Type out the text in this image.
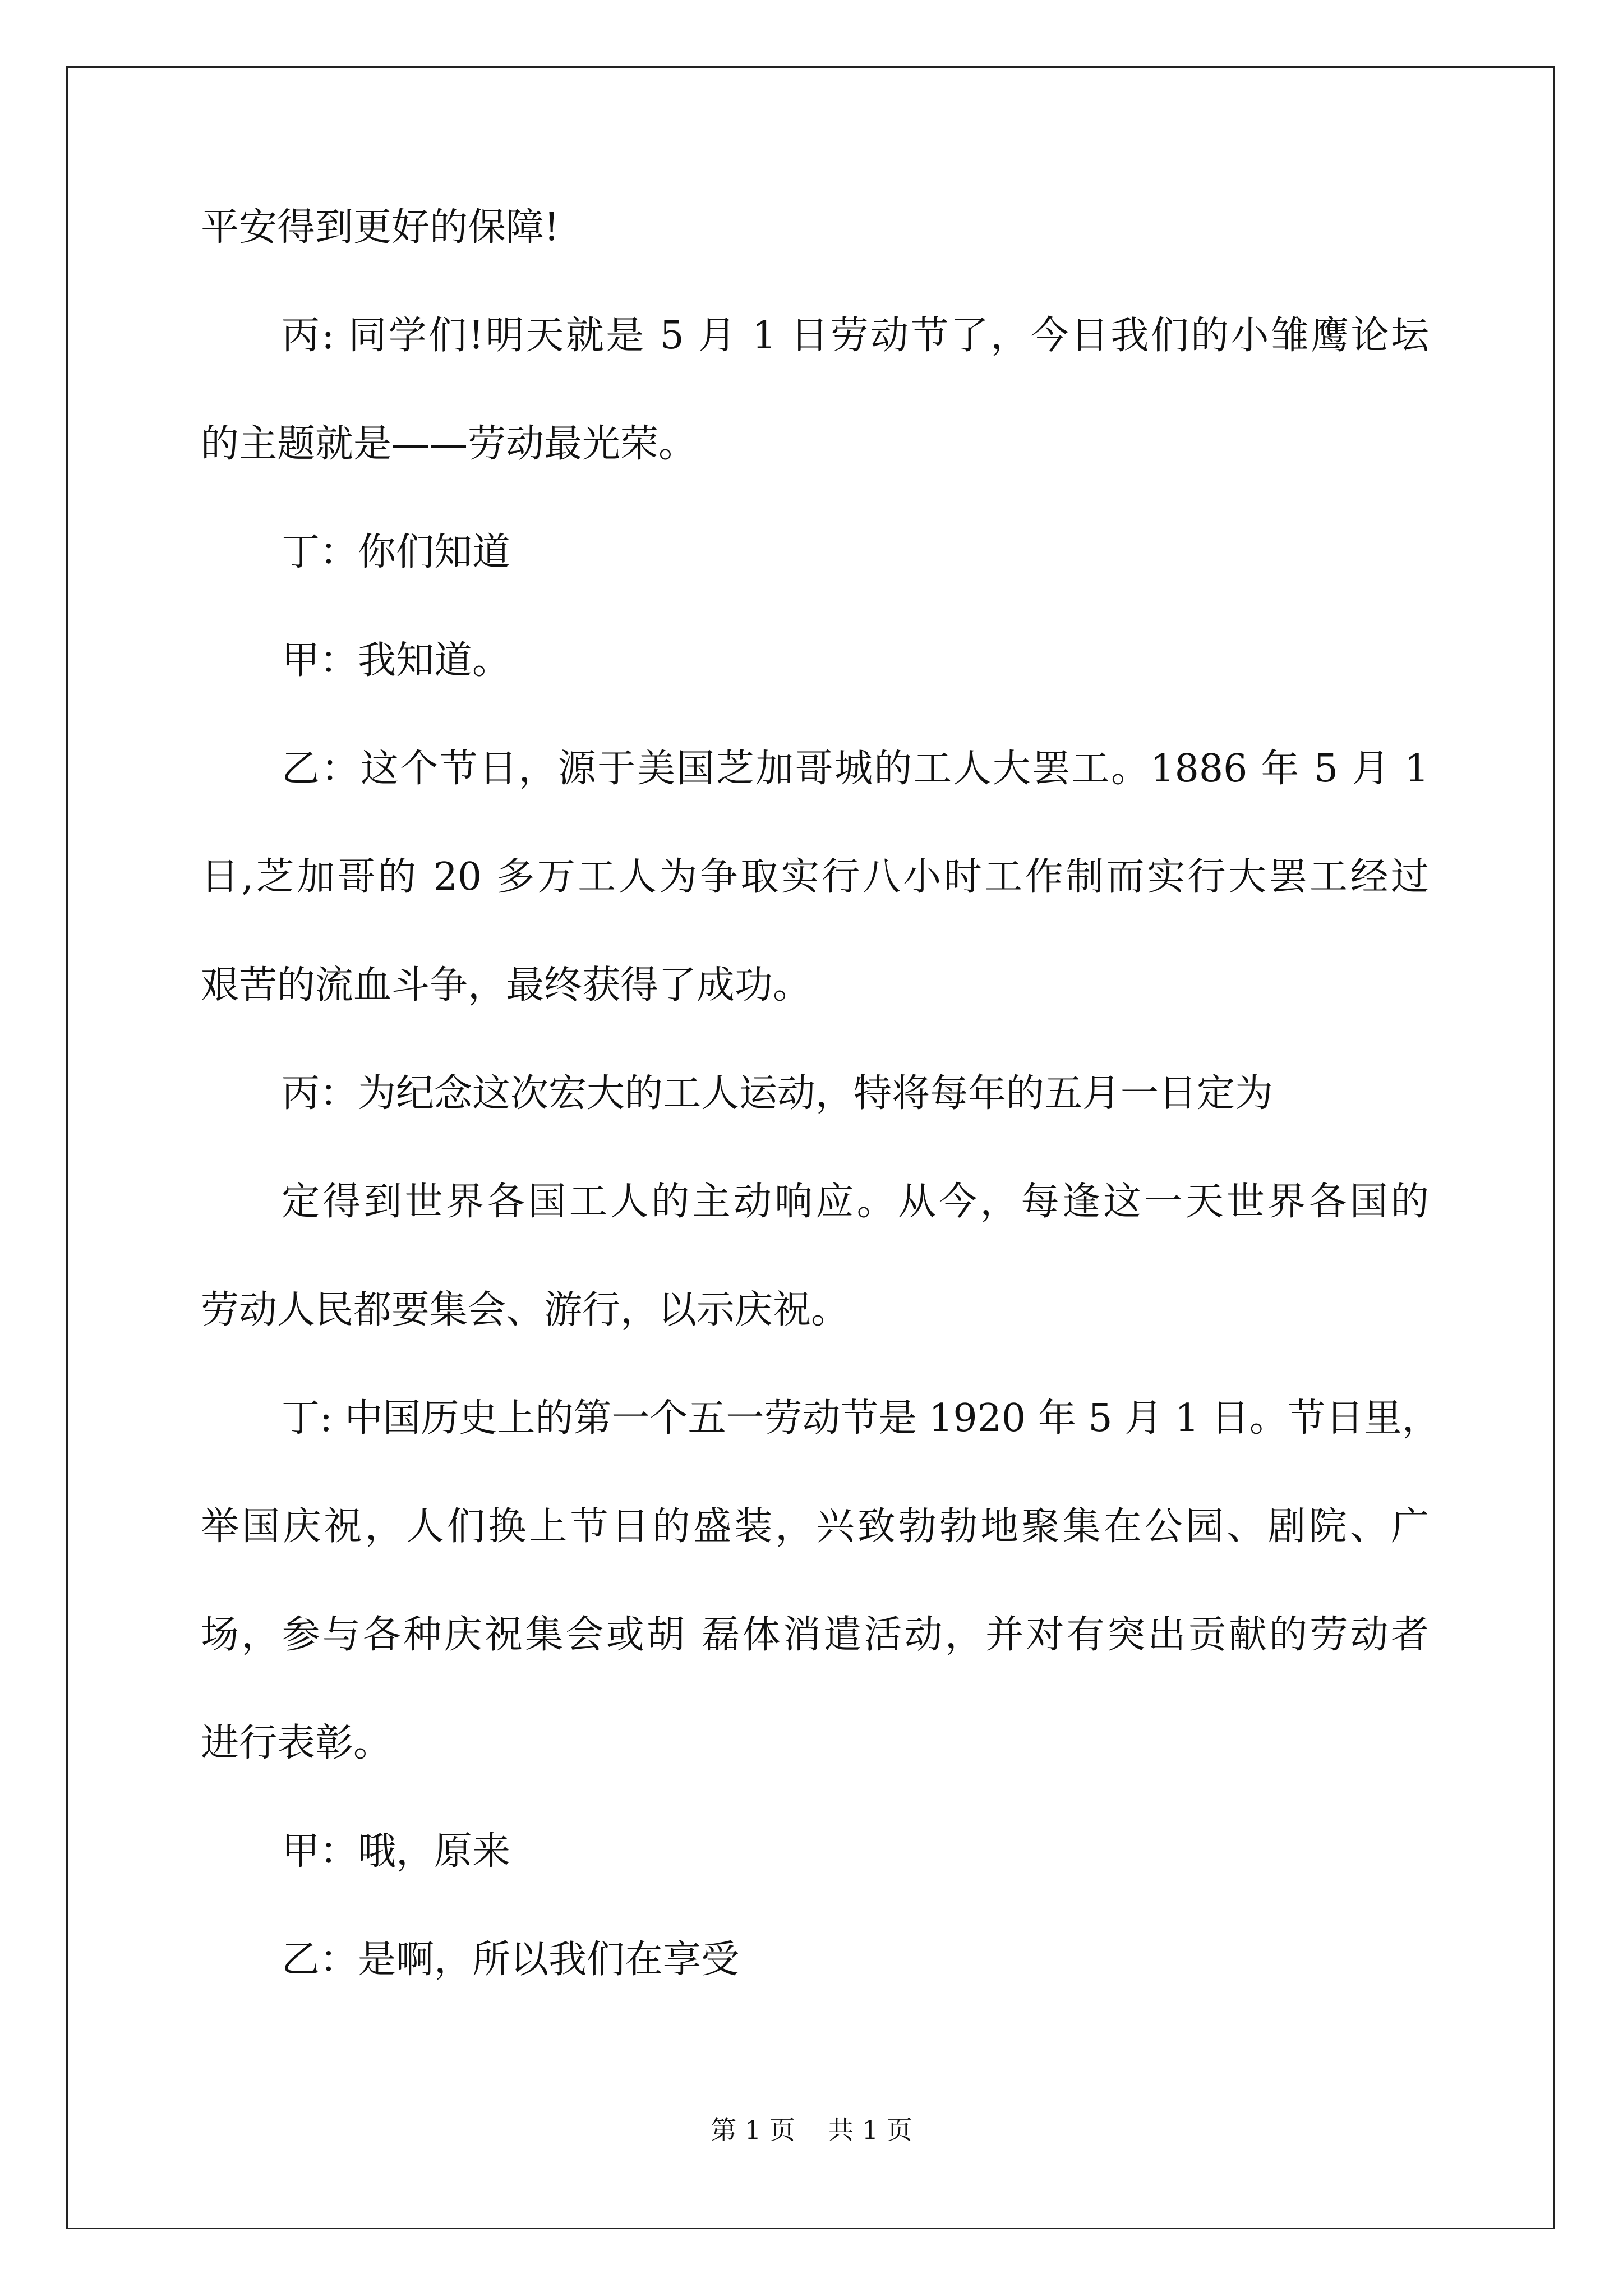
平安得到更好的保障!
丙: 同学们!明天就是 5 月 1 日劳动节了，今日我们的小雏鹰论坛
的主题就是——劳动最光荣。
丁：你们知道
甲：我知道。
乙：这个节日，源于美国芝加哥城的工人大罢工。1886 年 5 月 1
日,芝加哥的 20 多万工人为争取实行八小时工作制而实行大罢工经过
艰苦的流血斗争，最终获得了成功。
丙：为纪念这次宏大的工人运动，特将每年的五月一日定为
定得到世界各国工人的主动响应。从今，每逢这一天世界各国的
劳动人民都要集会、游行，以示庆祝。
丁: 中国历史上的第一个五一劳动节是 1920 年 5 月 1 日。节日里，
举国庆祝，人们换上节日的盛装，兴致勃勃地聚集在公园、剧院、广
场，参与各种庆祝集会或胡 磊体消遣活动，并对有突出贡献的劳动者
进行表彰。
甲：哦，原来
乙：是啊，所以我们在享受
第 1 页    共 1 页
